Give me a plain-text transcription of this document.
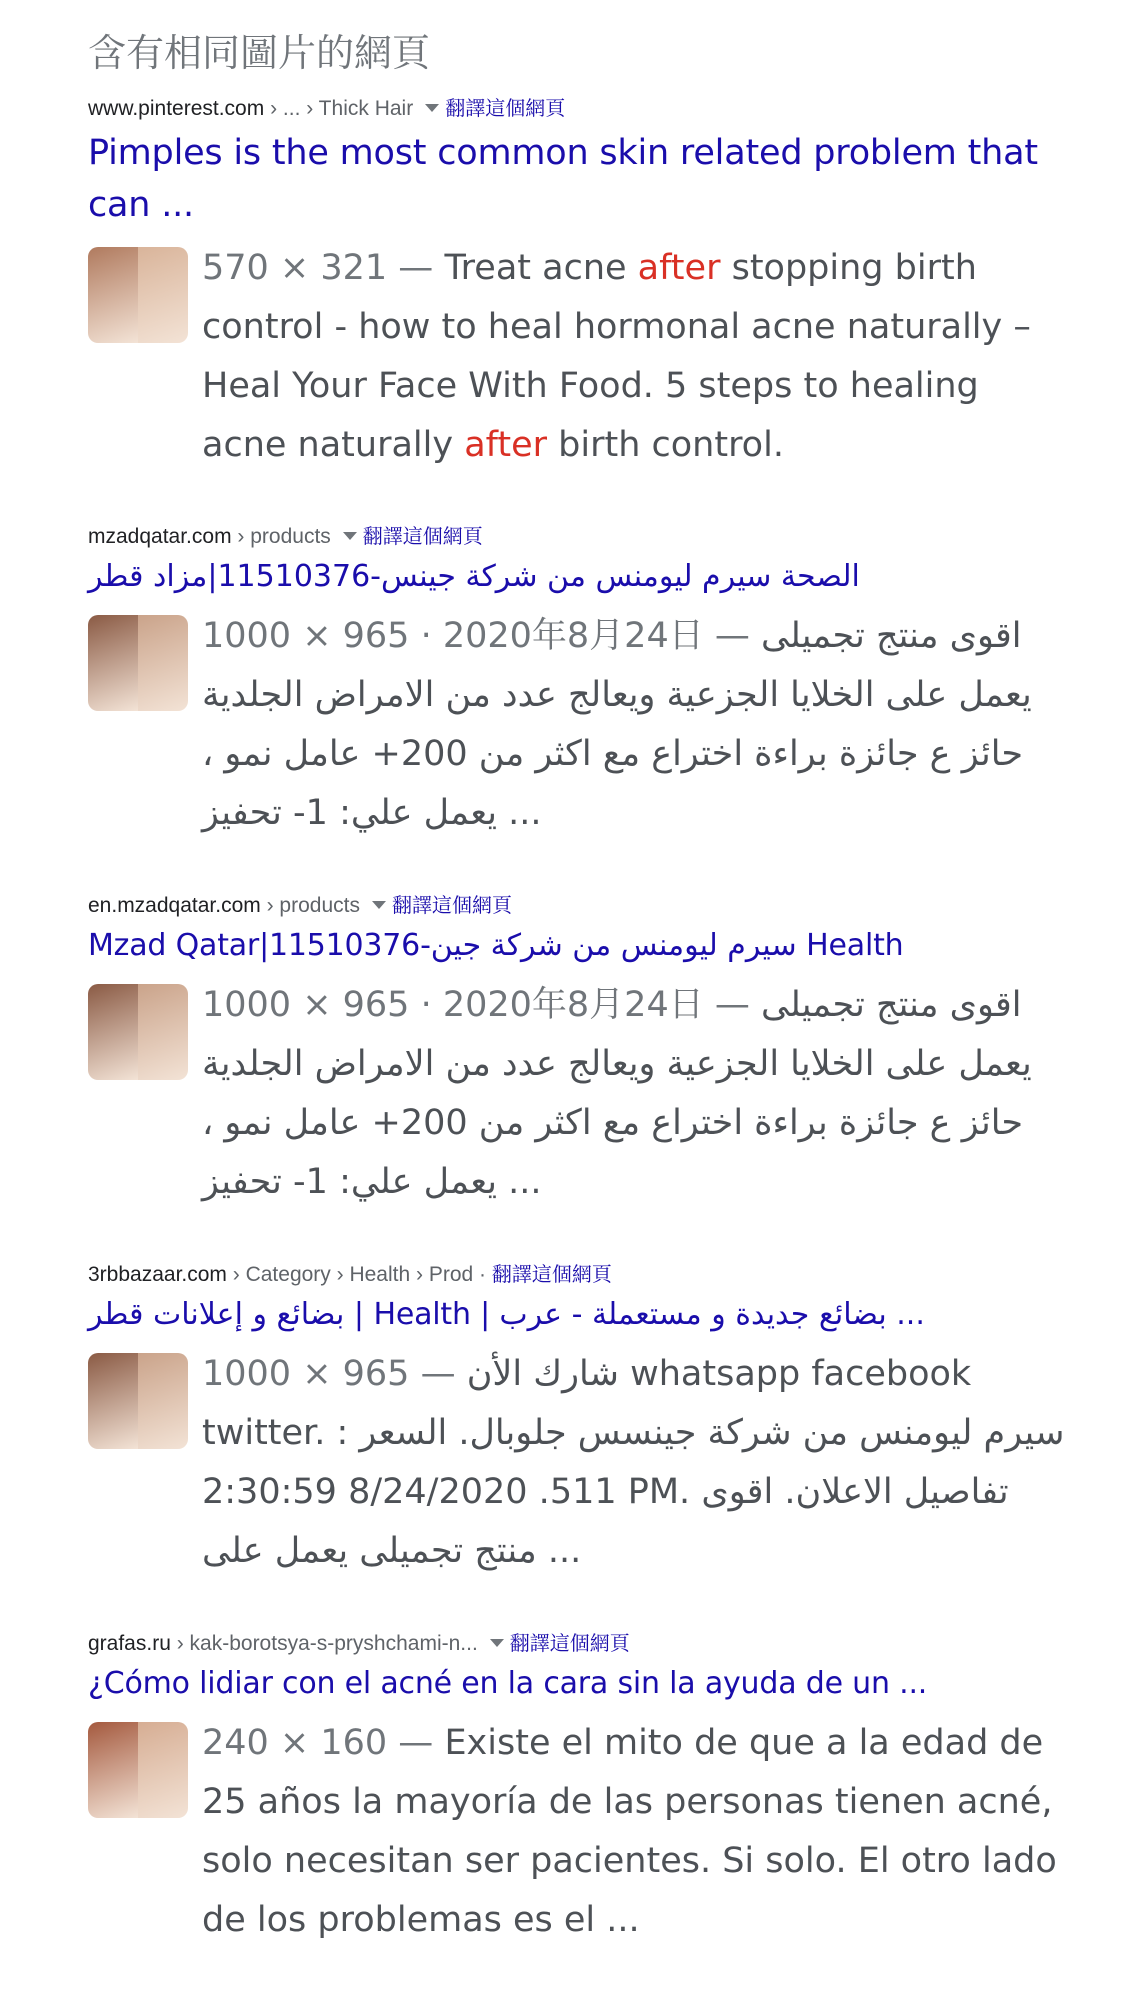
含有相同圖片的網頁
www.pinterest.com › ... › Thick Hair 翻譯這個網頁
Pimples is the most common skin related problem that can ...
570 × 321 — Treat acne after stopping birth control - how to heal hormonal acne naturally – Heal Your Face With Food. 5 steps to healing acne naturally after birth control.
mzadqatar.com › products 翻譯這個網頁
الصحة سيرم ليومنس من شركة جينس-11510376|مزاد قطر
1000 × 965 · 2020年8月24日 — اقوى منتج تجميلى يعمل على الخلايا الجزعية ويعالج عدد من الامراض الجلدية حائز ع جائزة براءة اختراع مع اكثر من 200+ عامل نمو ، يعمل علي: 1- تحفيز ...
en.mzadqatar.com › products 翻譯這個網頁
Mzad Qatar|11510376-سيرم ليومنس من شركة جين Health
1000 × 965 · 2020年8月24日 — اقوى منتج تجميلى يعمل على الخلايا الجزعية ويعالج عدد من الامراض الجلدية حائز ع جائزة براءة اختراع مع اكثر من 200+ عامل نمو ، يعمل علي: 1- تحفيز ...
3rbbazaar.com › Category › Health › Prod · 翻譯這個網頁
بضائع و إعلانات قطر | Health | بضائع جديدة و مستعملة - عرب ...
1000 × 965 — شارك الأن whatsapp facebook twitter. سيرم ليومنس من شركة جينسس جلوبال. السعر : 511. 8/24/2020 2:30:59 PM. تفاصيل الاعلان. اقوى منتج تجميلى يعمل على ...
grafas.ru › kak-borotsya-s-pryshchami-n... 翻譯這個網頁
¿Cómo lidiar con el acné en la cara sin la ayuda de un ...
240 × 160 — Existe el mito de que a la edad de 25 años la mayoría de las personas tienen acné, solo necesitan ser pacientes. Si solo. El otro lado de los problemas es el ...
